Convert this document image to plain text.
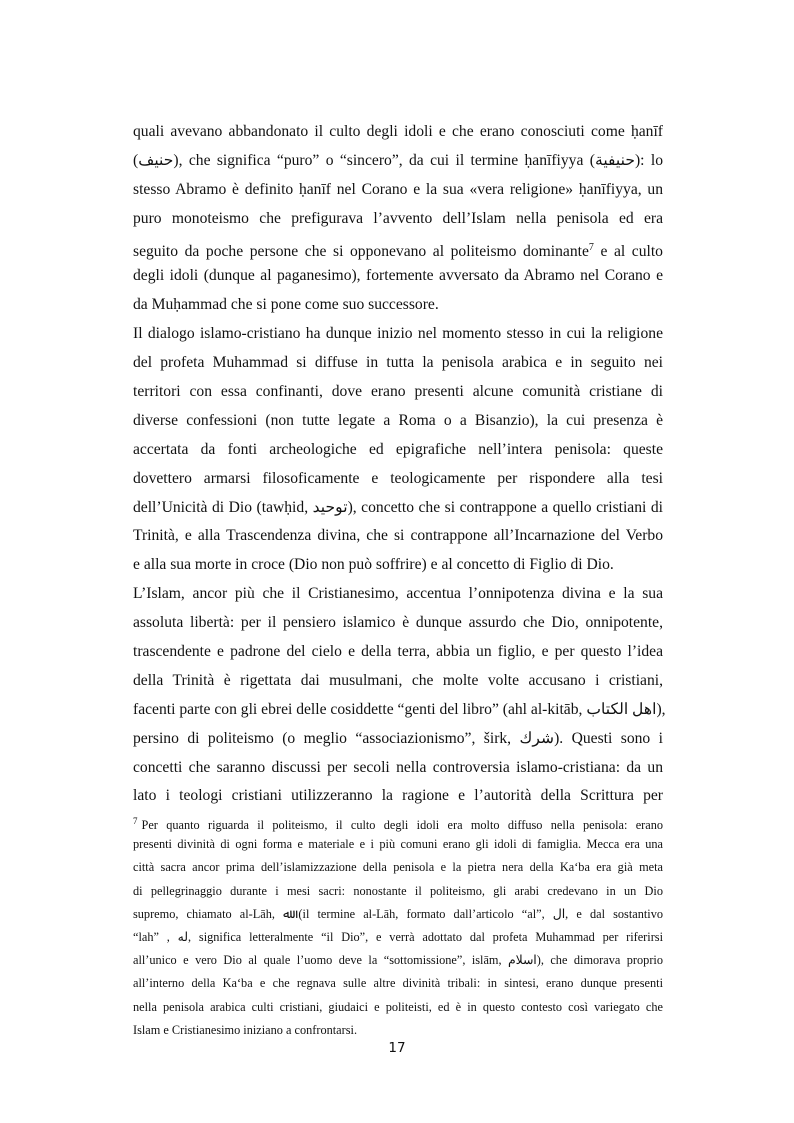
quali avevano abbandonato il culto degli idoli e che erano conosciuti come ḥanīf
(حنيف), che significa “puro” o “sincero”, da cui il termine ḥanīfiyya (حنيفية): lo
stesso Abramo è definito ḥanīf nel Corano e la sua «vera religione» ḥanīfiyya, un
puro monoteismo che prefigurava l’avvento dell’Islam nella penisola ed era
seguito da poche persone che si opponevano al politeismo dominante$^7$ e al culto
degli idoli (dunque al paganesimo), fortemente avversato da Abramo nel Corano e
da Muḥammad che si pone come suo successore.
Il dialogo islamo-cristiano ha dunque inizio nel momento stesso in cui la religione
del profeta Muhammad si diffuse in tutta la penisola arabica e in seguito nei
territori con essa confinanti, dove erano presenti alcune comunità cristiane di
diverse confessioni (non tutte legate a Roma o a Bisanzio), la cui presenza è
accertata da fonti archeologiche ed epigrafiche nell’intera penisola: queste
dovettero armarsi filosoficamente e teologicamente per rispondere alla tesi
dell’Unicità di Dio (tawḥid, توحيد), concetto che si contrappone a quello cristiani di
Trinità, e alla Trascendenza divina, che si contrappone all’Incarnazione del Verbo
e alla sua morte in croce (Dio non può soffrire) e al concetto di Figlio di Dio.
L’Islam, ancor più che il Cristianesimo, accentua l’onnipotenza divina e la sua
assoluta libertà: per il pensiero islamico è dunque assurdo che Dio, onnipotente,
trascendente e padrone del cielo e della terra, abbia un figlio, e per questo l’idea
della Trinità è rigettata dai musulmani, che molte volte accusano i cristiani,
facenti parte con gli ebrei delle cosiddette “genti del libro” (ahl al-kitāb, اهل الكتاب),
persino di politeismo (o meglio “associazionismo”, širk, شرك). Questi sono i
concetti che saranno discussi per secoli nella controversia islamo-cristiana: da un
lato i teologi cristiani utilizzeranno la ragione e l’autorità della Scrittura per
$^7$ Per quanto riguarda il politeismo, il culto degli idoli era molto diffuso nella penisola: erano
presenti divinità di ogni forma e materiale e i più comuni erano gli idoli di famiglia. Mecca era una
città sacra ancor prima dell’islamizzazione della penisola e la pietra nera della Kaʻba era già meta
di pellegrinaggio durante i mesi sacri: nonostante il politeismo, gli arabi credevano in un Dio
supremo, chiamato al-Lāh, ﷲ (il termine al-Lāh, formato dall’articolo “al”, ال, e dal sostantivo
“lah” , له, significa letteralmente “il Dio”, e verrà adottato dal profeta Muhammad per riferirsi
all’unico e vero Dio al quale l’uomo deve la “sottomissione”, islām, اسلام), che dimorava proprio
all’interno della Kaʻba e che regnava sulle altre divinità tribali: in sintesi, erano dunque presenti
nella penisola arabica culti cristiani, giudaici e politeisti, ed è in questo contesto così variegato che
Islam e Cristianesimo iniziano a confrontarsi.
17
